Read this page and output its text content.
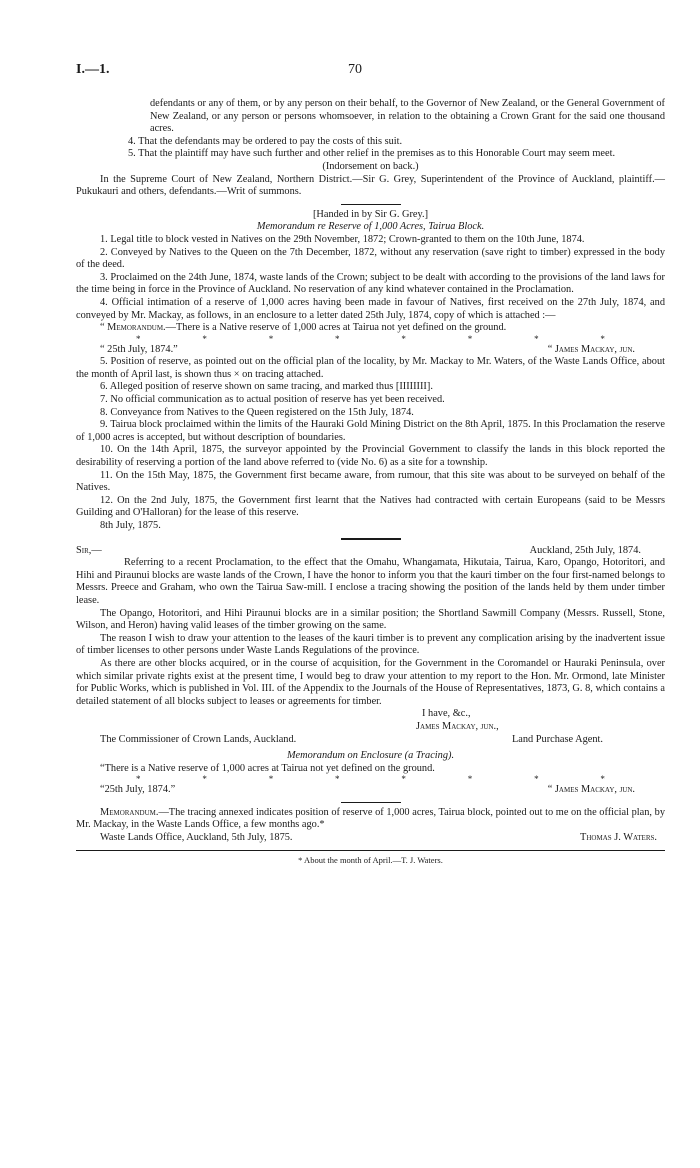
I.—1.	70

defendants or any of them, or by any person on their behalf, to the Governor of New Zealand, or the General Government of New Zealand, or any person or persons whomsoever, in relation to the obtaining a Crown Grant for the said one thousand acres.

4. That the defendants may be ordered to pay the costs of this suit.

5. That the plaintiff may have such further and other relief in the premises as to this Honorable Court may seem meet.

(Indorsement on back.)

In the Supreme Court of New Zealand, Northern District.—Sir G. Grey, Superintendent of the Province of Auckland, plaintiff.—Pukukauri and others, defendants.—Writ of summons.

[Handed in by Sir G. Grey.]

Memorandum re Reserve of 1,000 Acres, Tairua Block.

1. Legal title to block vested in Natives on the 29th November, 1872; Crown-granted to them on the 10th June, 1874.

2. Conveyed by Natives to the Queen on the 7th December, 1872, without any reservation (save right to timber) expressed in the body of the deed.

3. Proclaimed on the 24th June, 1874, waste lands of the Crown; subject to be dealt with according to the provisions of the land laws for the time being in force in the Province of Auckland. No reservation of any kind whatever contained in the Proclamation.

4. Official intimation of a reserve of 1,000 acres having been made in favour of Natives, first received on the 27th July, 1874, and conveyed by Mr. Mackay, as follows, in an enclosure to a letter dated 25th July, 1874, copy of which is attached :—

“ Memorandum.—There is a Native reserve of 1,000 acres at Tairua not yet defined on the ground.

*	*	*	*	*	*	*	*
“ 25th July, 1874.”	“ James Mackay, jun.

5. Position of reserve, as pointed out on the official plan of the locality, by Mr. Mackay to Mr. Waters, of the Waste Lands Office, about the month of April last, is shown thus × on tracing attached.

6. Alleged position of reserve shown on same tracing, and marked thus [IIIIIIII].

7. No official communication as to actual position of reserve has yet been received.

8. Conveyance from Natives to the Queen registered on the 15th July, 1874.

9. Tairua block proclaimed within the limits of the Hauraki Gold Mining District on the 8th April, 1875. In this Proclamation the reserve of 1,000 acres is accepted, but without description of boundaries.

10. On the 14th April, 1875, the surveyor appointed by the Provincial Government to classify the lands in this block reported the desirability of reserving a portion of the land above referred to (vide No. 6) as a site for a township.

11. On the 15th May, 1875, the Government first became aware, from rumour, that this site was about to be surveyed on behalf of the Natives.

12. On the 2nd July, 1875, the Government first learnt that the Natives had contracted with certain Europeans (said to be Messrs Guilding and O'Halloran) for the lease of this reserve.

8th July, 1875.

Sir,—	Auckland, 25th July, 1874.

Referring to a recent Proclamation, to the effect that the Omahu, Whangamata, Hikutaia, Tairua, Karo, Opango, Hotoritori, and Hihi and Piraunui blocks are waste lands of the Crown, I have the honor to inform you that the kauri timber on the four first-named belongs to Messrs. Preece and Graham, who own the Tairua Saw-mill. I enclose a tracing showing the position of the lands held by them under timber lease.

The Opango, Hotoritori, and Hihi Piraunui blocks are in a similar position; the Shortland Sawmill Company (Messrs. Russell, Stone, Wilson, and Heron) having valid leases of the timber growing on the same.

The reason I wish to draw your attention to the leases of the kauri timber is to prevent any complication arising by the inadvertent issue of timber licenses to other persons under Waste Lands Regulations of the province.

As there are other blocks acquired, or in the course of acquisition, for the Government in the Coromandel or Hauraki Peninsula, over which similar private rights exist at the present time, I would beg to draw your attention to my report to the Hon. Mr. Ormond, late Minister for Public Works, which is published in Vol. III. of the Appendix to the Journals of the House of Representatives, 1873, G. 8, which contains a detailed statement of all blocks subject to leases or agreements for timber.

I have, &c.,

James Mackay, jun.,

The Commissioner of Crown Lands, Auckland.	Land Purchase Agent.

Memorandum on Enclosure (a Tracing).

“There is a Native reserve of 1,000 acres at Tairua not yet defined on the ground.

*	*	*	*	*	*	*	*
“25th July, 1874.”	“ James Mackay, jun.

Memorandum.—The tracing annexed indicates position of reserve of 1,000 acres, Tairua block, pointed out to me on the official plan, by Mr. Mackay, in the Waste Lands Office, a few months ago.*

Waste Lands Office, Auckland, 5th July, 1875.	Thomas J. Waters.

* About the month of April.—T. J. Waters.
